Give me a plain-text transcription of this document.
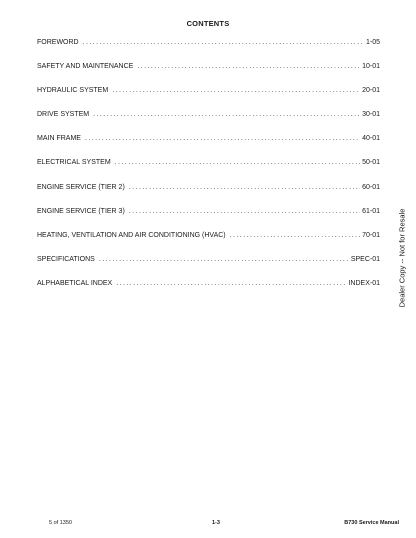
CONTENTS
FOREWORD . . .	1-05
SAFETY AND MAINTENANCE . . .	10-01
HYDRAULIC SYSTEM . . .	20-01
DRIVE SYSTEM . . .	30-01
MAIN FRAME . . .	40-01
ELECTRICAL SYSTEM . . .	50-01
ENGINE SERVICE (TIER 2) . . .	60-01
ENGINE SERVICE (TIER 3) . . .	61-01
HEATING, VENTILATION AND AIR CONDITIONING (HVAC) . . .	70-01
SPECIFICATIONS . . .	SPEC-01
ALPHABETICAL INDEX . . .	INDEX-01 Dealer Copy -- Not for Resale
5 of 1350	1-3	B730 Service Manual
